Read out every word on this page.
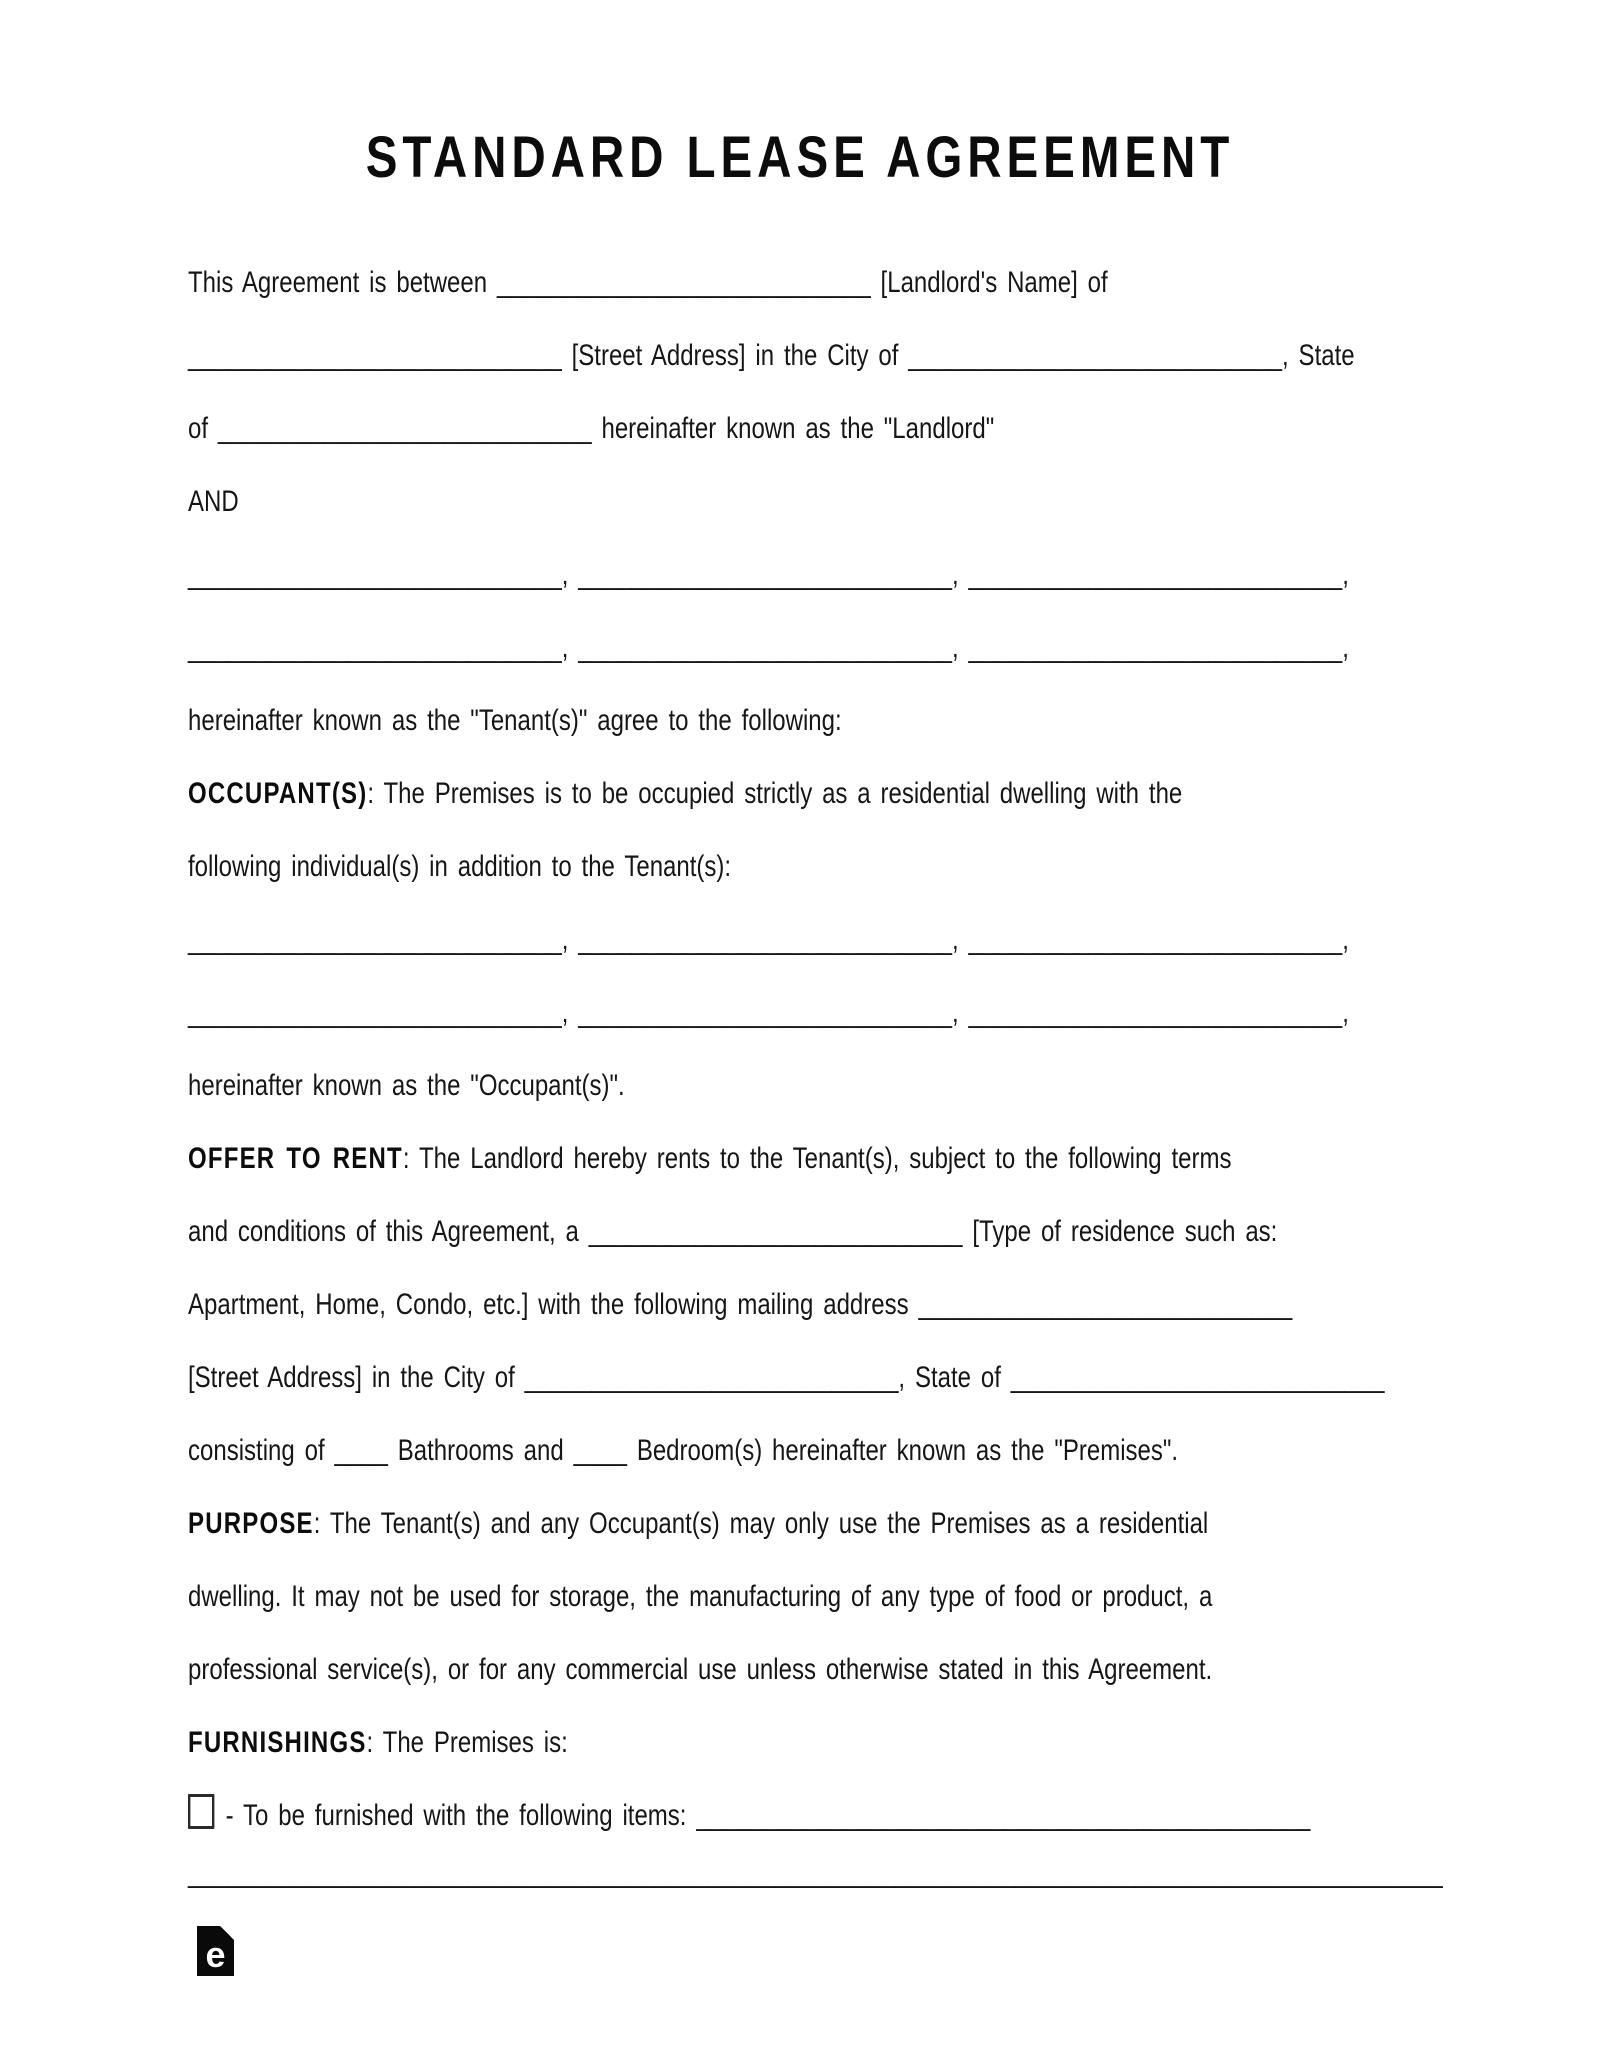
STANDARD LEASE AGREEMENT
This Agreement is between ____________________________ [Landlord's Name] of
____________________________ [Street Address] in the City of ____________________________, State
of ____________________________ hereinafter known as the "Landlord"
AND
____________________________, ____________________________, ____________________________,
____________________________, ____________________________, ____________________________,
hereinafter known as the "Tenant(s)" agree to the following:
OCCUPANT(S): The Premises is to be occupied strictly as a residential dwelling with the
following individual(s) in addition to the Tenant(s):
____________________________, ____________________________, ____________________________,
____________________________, ____________________________, ____________________________,
hereinafter known as the "Occupant(s)".
OFFER TO RENT: The Landlord hereby rents to the Tenant(s), subject to the following terms
and conditions of this Agreement, a ____________________________ [Type of residence such as:
Apartment, Home, Condo, etc.] with the following mailing address ____________________________
[Street Address] in the City of ____________________________, State of ____________________________
consisting of ____ Bathrooms and ____ Bedroom(s) hereinafter known as the "Premises".
PURPOSE: The Tenant(s) and any Occupant(s) may only use the Premises as a residential
dwelling. It may not be used for storage, the manufacturing of any type of food or product, a
professional service(s), or for any commercial use unless otherwise stated in this Agreement.
FURNISHINGS: The Premises is:
- To be furnished with the following items: ______________________________________________
______________________________________________________________________________________________
e
